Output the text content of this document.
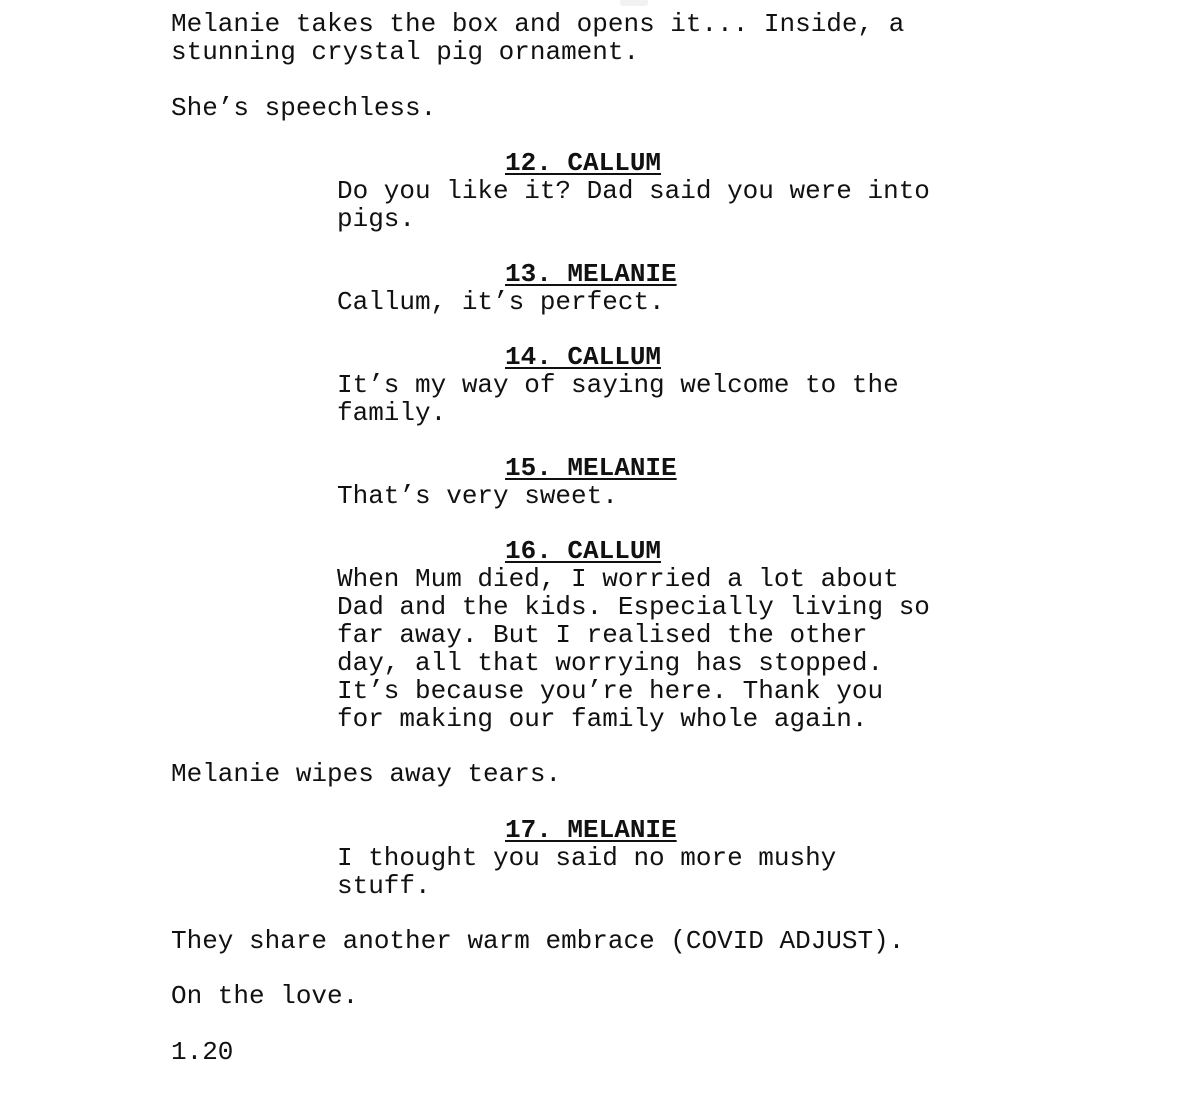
Melanie takes the box and opens it... Inside, a
stunning crystal pig ornament.
She’s speechless.
12. CALLUM
Do you like it? Dad said you were into
pigs.
13. MELANIE
Callum, it’s perfect.
14. CALLUM
It’s my way of saying welcome to the
family.
15. MELANIE
That’s very sweet.
16. CALLUM
When Mum died, I worried a lot about
Dad and the kids. Especially living so
far away. But I realised the other
day, all that worrying has stopped.
It’s because you’re here. Thank you
for making our family whole again.
Melanie wipes away tears.
17. MELANIE
I thought you said no more mushy
stuff.
They share another warm embrace (COVID ADJUST).
On the love.
1.20
